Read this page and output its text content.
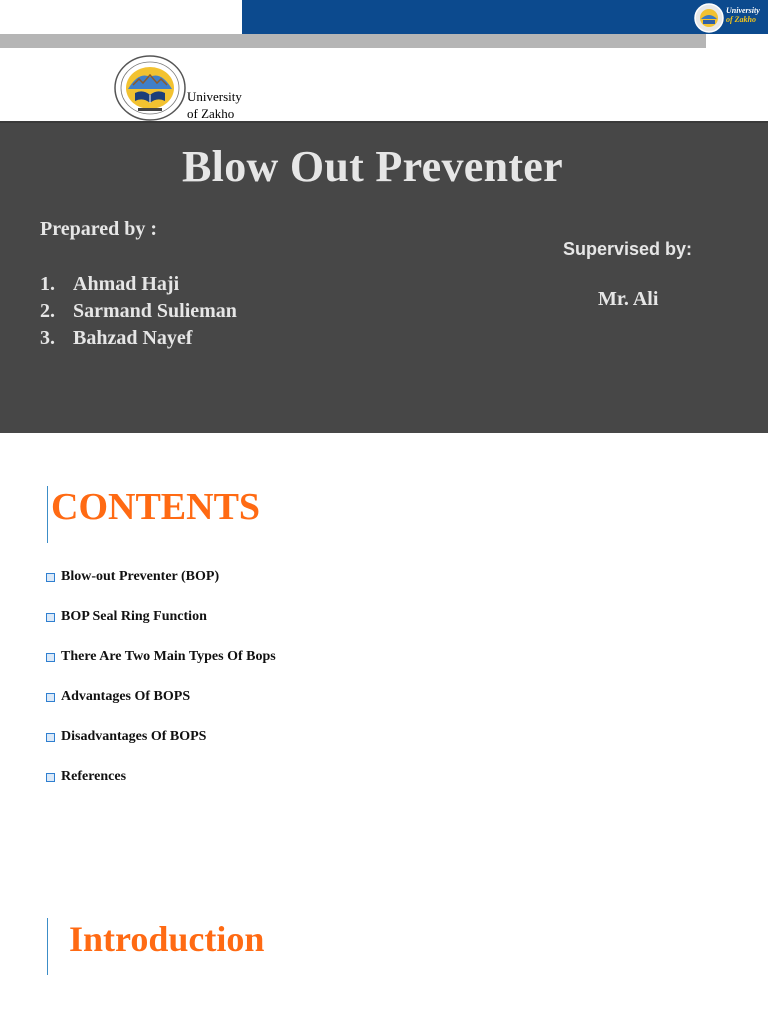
University
of Zakho
University
of Zakho
Blow Out Preventer
Prepared by :
1. Ahmad Haji
2. Sarmand Sulieman
3. Bahzad Nayef
Supervised by:
Mr. Ali
CONTENTS
Blow-out Preventer (BOP)
BOP Seal Ring Function
There Are Two Main Types Of Bops
Advantages Of BOPS
Disadvantages Of BOPS
References
Introduction
